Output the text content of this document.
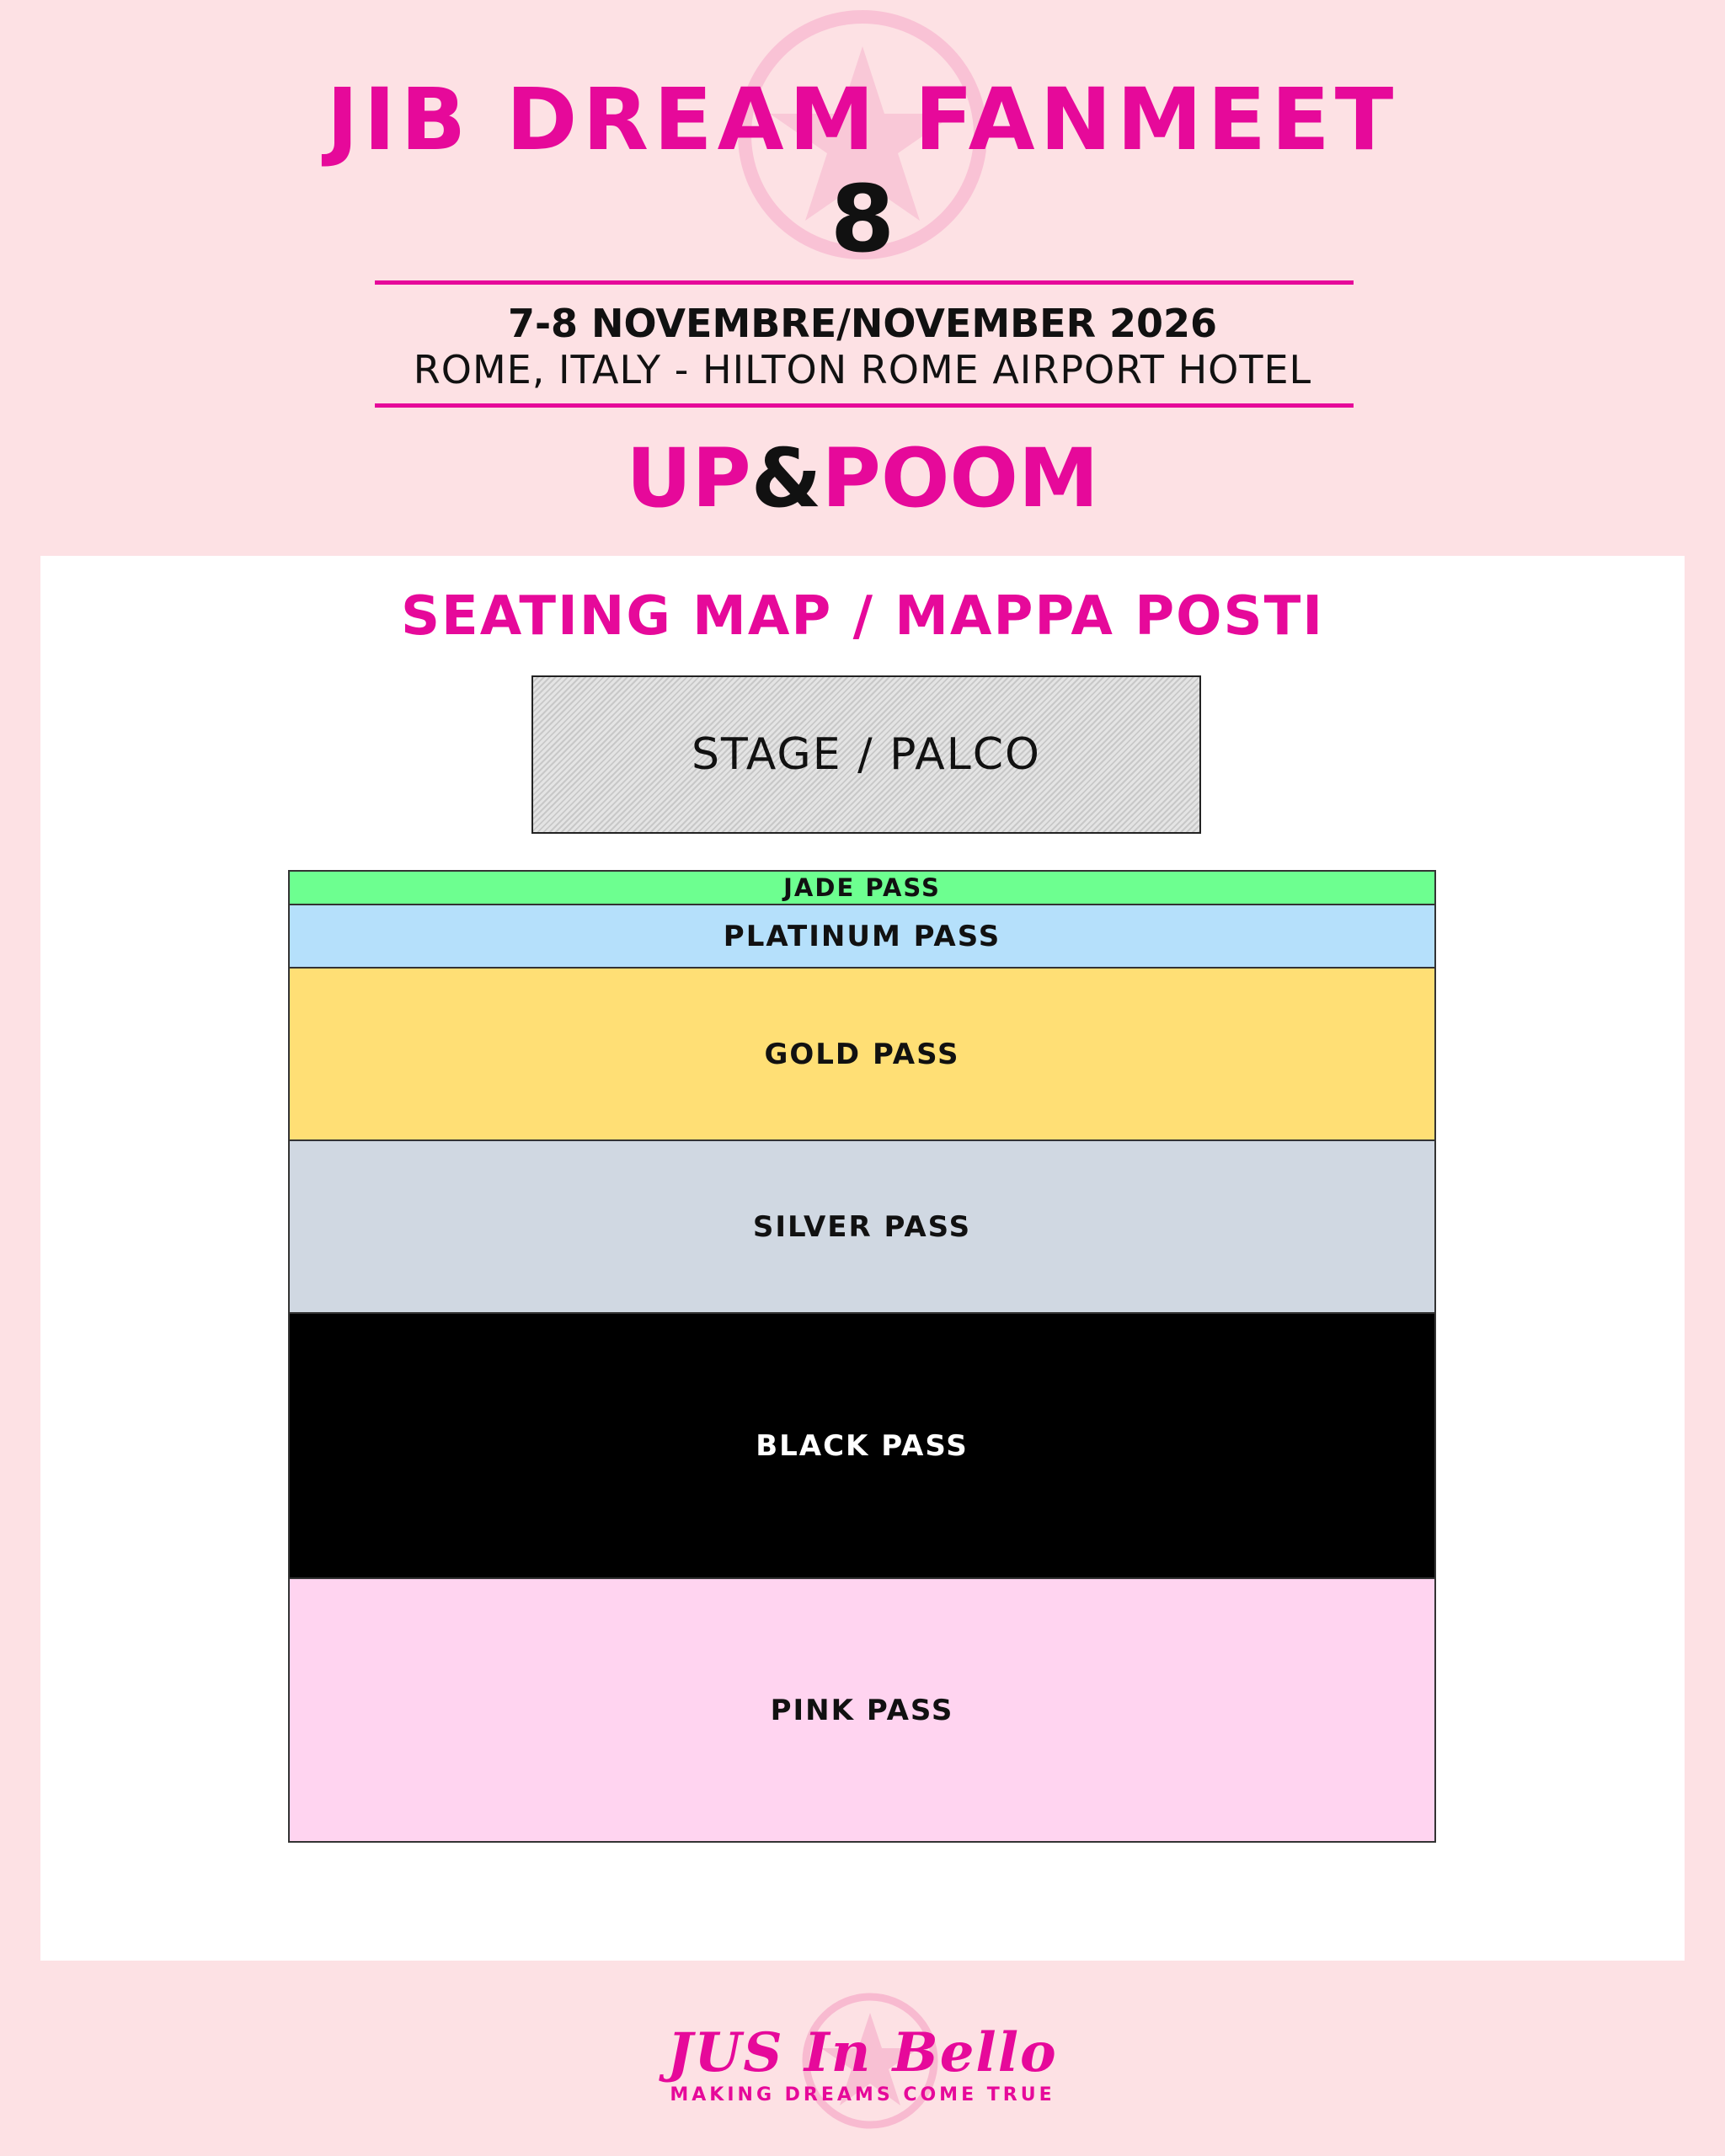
JIB DREAM FANMEET
8
7-8 NOVEMBRE/NOVEMBER 2026
ROME, ITALY - HILTON ROME AIRPORT HOTEL
UP&POOM
SEATING MAP / MAPPA POSTI
STAGE / PALCO
JADE PASS
PLATINUM PASS
GOLD PASS
SILVER PASS
BLACK PASS
PINK PASS
JUS In Bello
MAKING DREAMS COME TRUE
